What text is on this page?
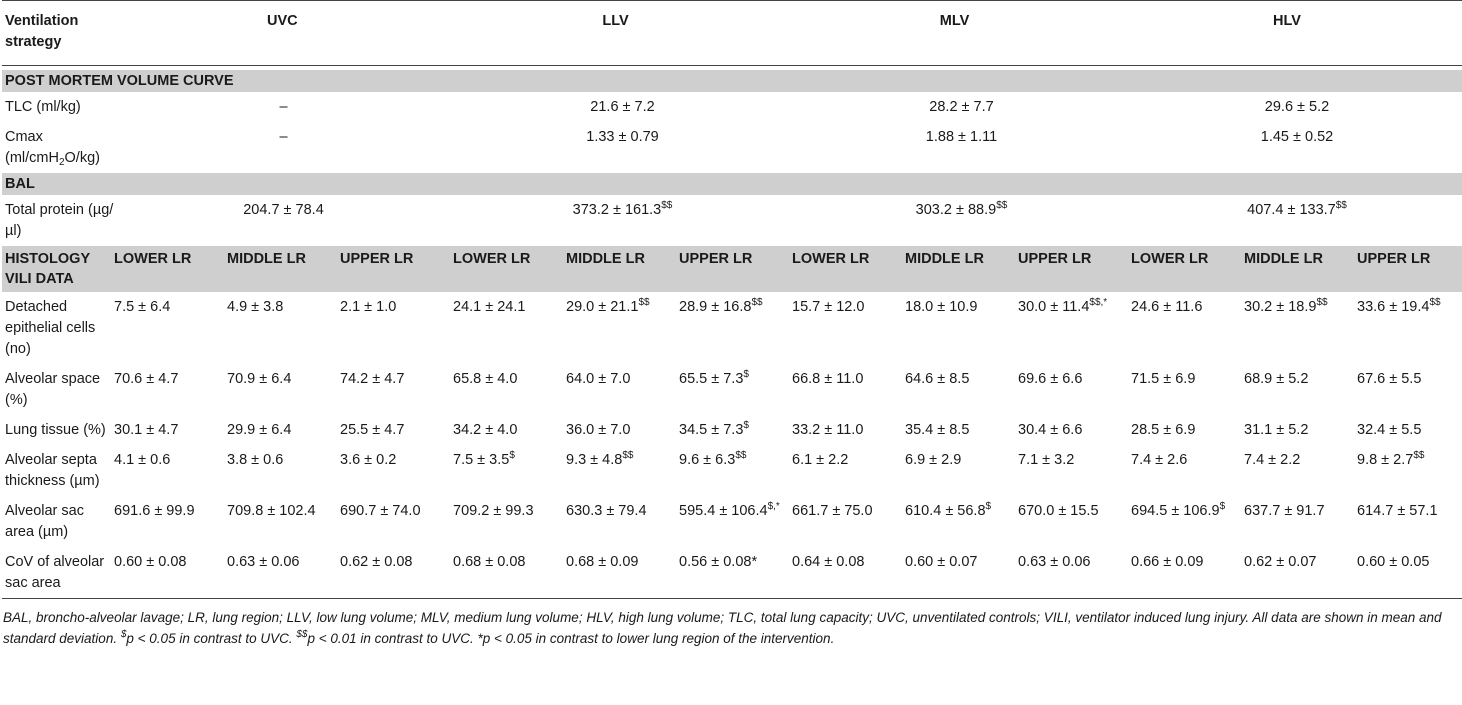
Ventilation strategy	UVC			LLV			MLV			HLV		

POST MORTEM VOLUME CURVE												
TLC (ml/kg)	–			21.6 ± 7.2			28.2 ± 7.7			29.6 ± 5.2		
Cmax
(ml/cmH$_2$O/kg)	–			1.33 ± 0.79			1.88 ± 1.11			1.45 ± 0.52		
BAL												
Total protein (µg/µl)	204.7 ± 78.4			373.2 ± 161.3$$			303.2 ± 88.9$$			407.4 ± 133.7$$
HISTOLOGY VILI DATA	LOWER LR	MIDDLE LR	UPPER LR	LOWER LR	MIDDLE LR	UPPER LR	LOWER LR	MIDDLE LR	UPPER LR	LOWER LR	MIDDLE LR	UPPER LR
Detached epithelial cells (no)	7.5 ± 6.4	4.9 ± 3.8	2.1 ± 1.0	24.1 ± 24.1	29.0 ± 21.1$$	28.9 ± 16.8$$	15.7 ± 12.0	18.0 ± 10.9	30.0 ± 11.4$$,*	24.6 ± 11.6	30.2 ± 18.9$$	33.6 ± 19.4$$
Alveolar space (%)	70.6 ± 4.7	70.9 ± 6.4	74.2 ± 4.7	65.8 ± 4.0	64.0 ± 7.0	65.5 ± 7.3$	66.8 ± 11.0	64.6 ± 8.5	69.6 ± 6.6	71.5 ± 6.9	68.9 ± 5.2	67.6 ± 5.5
Lung tissue (%)	30.1 ± 4.7	29.9 ± 6.4	25.5 ± 4.7	34.2 ± 4.0	36.0 ± 7.0	34.5 ± 7.3$	33.2 ± 11.0	35.4 ± 8.5	30.4 ± 6.6	28.5 ± 6.9	31.1 ± 5.2	32.4 ± 5.5
Alveolar septa thickness (µm)	4.1 ± 0.6	3.8 ± 0.6	3.6 ± 0.2	7.5 ± 3.5$	9.3 ± 4.8$$	9.6 ± 6.3$$	6.1 ± 2.2	6.9 ± 2.9	7.1 ± 3.2	7.4 ± 2.6	7.4 ± 2.2	9.8 ± 2.7$$
Alveolar sac area (µm)	691.6 ± 99.9	709.8 ± 102.4	690.7 ± 74.0	709.2 ± 99.3	630.3 ± 79.4	595.4 ± 106.4$,*	661.7 ± 75.0	610.4 ± 56.8$	670.0 ± 15.5	694.5 ± 106.9$	637.7 ± 91.7	614.7 ± 57.1
CoV of alveolar sac area	0.60 ± 0.08	0.63 ± 0.06	0.62 ± 0.08	0.68 ± 0.08	0.68 ± 0.09	0.56 ± 0.08*	0.64 ± 0.08	0.60 ± 0.07	0.63 ± 0.06	0.66 ± 0.09	0.62 ± 0.07	0.60 ± 0.05

BAL, broncho-alveolar lavage; LR, lung region; LLV, low lung volume; MLV, medium lung volume; HLV, high lung volume; TLC, total lung capacity; UVC, unventilated controls; VILI, ventilator induced lung injury. All data are shown in mean and standard deviation. $p < 0.05 in contrast to UVC. $$p < 0.01 in contrast to UVC. *p < 0.05 in contrast to lower lung region of the intervention.
